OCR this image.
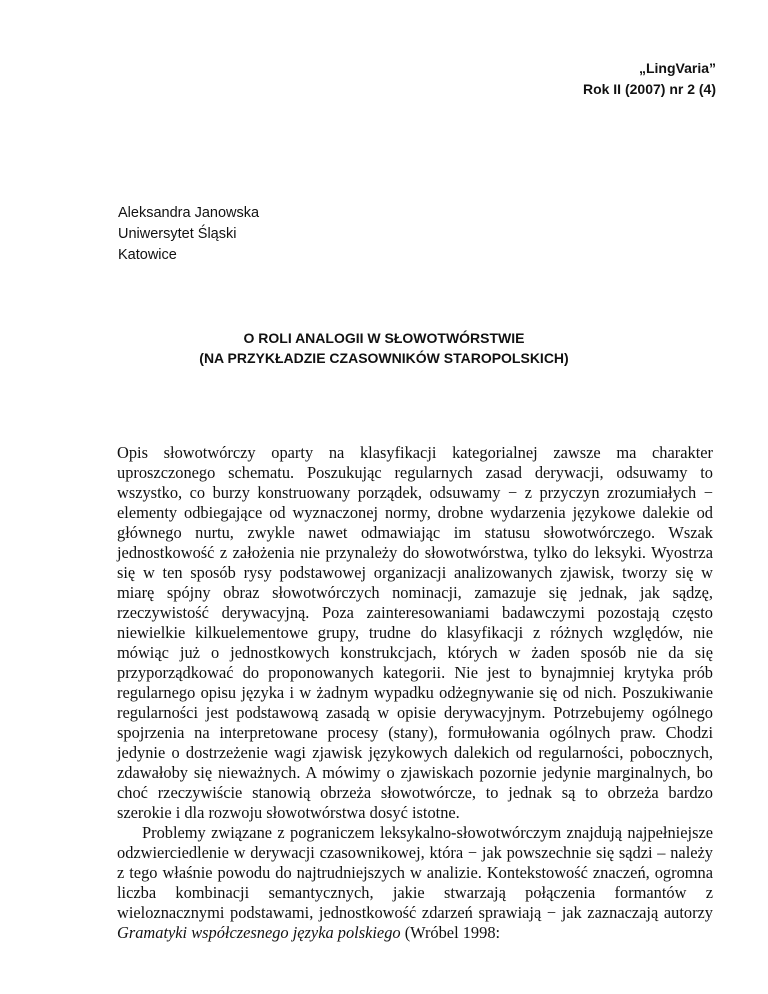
„LingVaria”
Rok II (2007) nr 2 (4)
Aleksandra Janowska
Uniwersytet Śląski
Katowice
O ROLI ANALOGII W SŁOWOTWÓRSTWIE
(NA PRZYKŁADZIE CZASOWNIKÓW STAROPOLSKICH)

Opis słowotwórczy oparty na klasyfikacji kategorialnej zawsze ma charakter uproszczonego schematu. Poszukując regularnych zasad derywacji, odsuwamy to wszystko, co burzy konstruowany porządek, odsuwamy − z przyczyn zrozumiałych − elementy odbiegające od wyznaczonej normy, drobne wydarzenia językowe dalekie od głównego nurtu, zwykle nawet odmawiając im statusu słowotwórczego. Wszak jednostkowość z założenia nie przynależy do słowotwórstwa, tylko do leksyki. Wyostrza się w ten sposób rysy podstawowej organizacji analizowanych zjawisk, tworzy się w miarę spójny obraz słowotwórczych nominacji, zamazuje się jednak, jak sądzę, rzeczywistość derywacyjną. Poza zainteresowaniami badawczymi pozostają często niewielkie kilkuelementowe grupy, trudne do klasyfikacji z różnych względów, nie mówiąc już o jednostkowych konstrukcjach, których w żaden sposób nie da się przyporządkować do proponowanych kategorii. Nie jest to bynajmniej krytyka prób regularnego opisu języka i w żadnym wypadku odżegnywanie się od nich. Poszukiwanie regularności jest podstawową zasadą w opisie derywacyjnym. Potrzebujemy ogólnego spojrzenia na interpretowane procesy (stany), formułowania ogólnych praw. Chodzi jedynie o dostrzeżenie wagi zjawisk językowych dalekich od regularności, pobocznych, zdawałoby się nieważnych. A mówimy o zjawiskach pozornie jedynie marginalnych, bo choć rzeczywiście stanowią obrzeża słowotwórcze, to jednak są to obrzeża bardzo szerokie i dla rozwoju słowotwórstwa dosyć istotne.

Problemy związane z pograniczem leksykalno-słowotwórczym znajdują najpełniejsze odzwierciedlenie w derywacji czasownikowej, która − jak powszechnie się sądzi – należy z tego właśnie powodu do najtrudniejszych w analizie. Kontekstowość znaczeń, ogromna liczba kombinacji semantycznych, jakie stwarzają połączenia formantów z wieloznacznymi podstawami, jednostkowość zdarzeń sprawiają − jak zaznaczają autorzy Gramatyki współczesnego języka polskiego (Wróbel 1998:
